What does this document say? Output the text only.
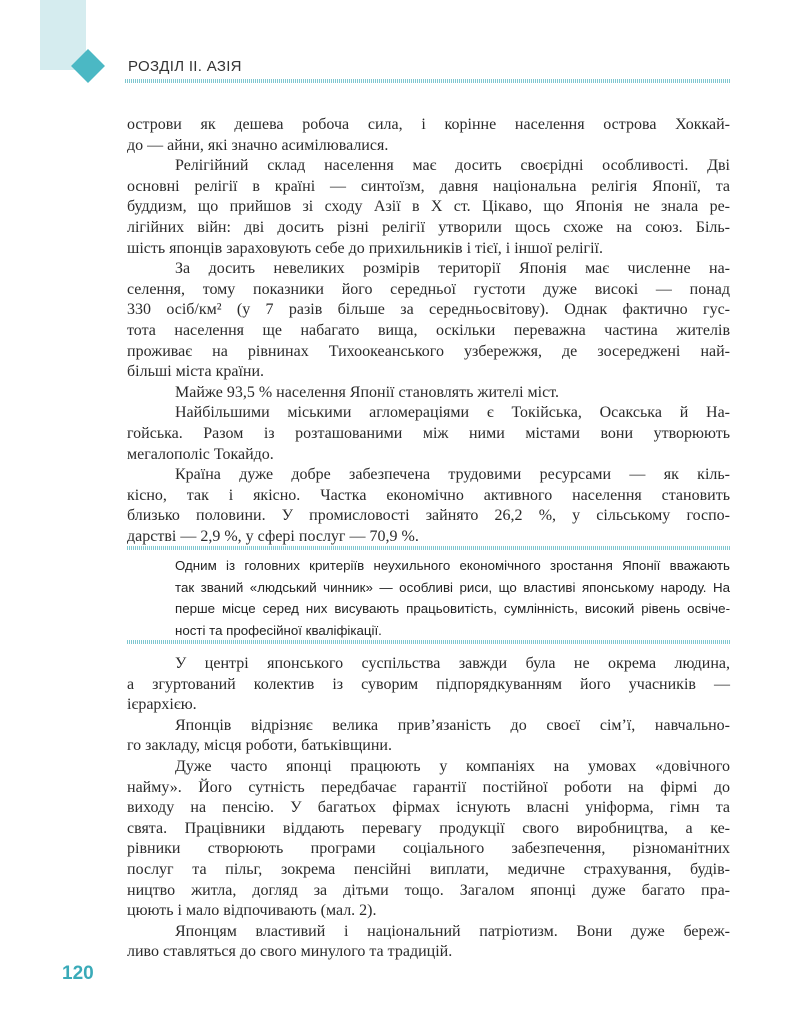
РОЗДІЛ II. АЗІЯ
острови як дешева робоча сила, і корінне населення острова Хоккай-
до — айни, які значно асимілювалися.
Релігійний склад населення має досить своєрідні особливості. Дві
основні релігії в країні — синтоїзм, давня національна релігія Японії, та
буддизм, що прийшов зі сходу Азії в X ст. Цікаво, що Японія не знала ре-
лігійних війн: дві досить різні релігії утворили щось схоже на союз. Біль-
шість японців зараховують себе до прихильників і тієї, і іншої релігії.
За досить невеликих розмірів території Японія має численне на-
селення, тому показники його середньої густоти дуже високі — понад
330 осіб/км² (у 7 разів більше за середньосвітову). Однак фактично гус-
тота населення ще набагато вища, оскільки переважна частина жителів
проживає на рівнинах Тихоокеанського узбережжя, де зосереджені най-
більші міста країни.
Майже 93,5 % населення Японії становлять жителі міст.
Найбільшими міськими агломераціями є Токійська, Осакська й На-
гойська. Разом із розташованими між ними містами вони утворюють
мегалополіс Токайдо.
Країна дуже добре забезпечена трудовими ресурсами — як кіль-
кісно, так і якісно. Частка економічно активного населення становить
близько половини. У промисловості зайнято 26,2 %, у сільському госпо-
дарстві — 2,9 %, у сфері послуг — 70,9 %.
Одним із головних критеріїв неухильного економічного зростання Японії вважають
так званий «людський чинник» — особливі риси, що властиві японському народу. На
перше місце серед них висувають працьовитість, сумлінність, високий рівень освіче-
ності та професійної кваліфікації.
У центрі японського суспільства завжди була не окрема людина,
а згуртований колектив із суворим підпорядкуванням його учасників —
ієрархією.
Японців відрізняє велика прив’язаність до своєї сім’ї, навчально-
го закладу, місця роботи, батьківщини.
Дуже часто японці працюють у компаніях на умовах «довічного
найму». Його сутність передбачає гарантії постійної роботи на фірмі до
виходу на пенсію. У багатьох фірмах існують власні уніформа, гімн та
свята. Працівники віддають перевагу продукції свого виробництва, а ке-
рівники створюють програми соціального забезпечення, різноманітних
послуг та пільг, зокрема пенсійні виплати, медичне страхування, будів-
ництво житла, догляд за дітьми тощо. Загалом японці дуже багато пра-
цюють і мало відпочивають (мал. 2).
Японцям властивий і національний патріотизм. Вони дуже береж-
ливо ставляться до свого минулого та традицій.
120
